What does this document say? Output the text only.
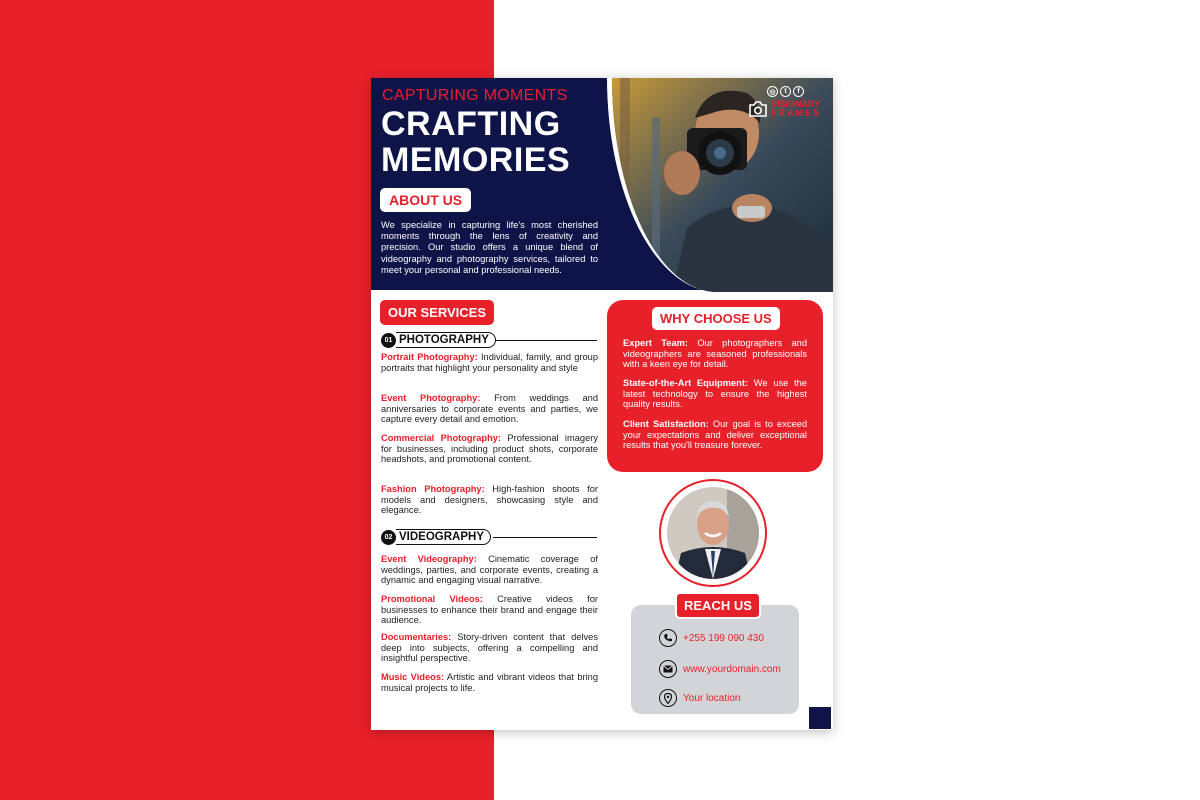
CAPTURING MOMENTS
CRAFTING
MEMORIES
◎	t	f
VISIONARY
FRAMES
ABOUT US
We specialize in capturing life's most cherished moments through the lens of creativity and precision. Our studio offers a unique blend of videography and photography services, tailored to meet your personal and professional needs.
OUR SERVICES
01 PHOTOGRAPHY
Portrait Photography: Individual, family, and group portraits that highlight your personality and style
Event Photography: From weddings and anniversaries to corporate events and parties, we capture every detail and emotion.
Commercial Photography: Professional imagery for businesses, including product shots, corporate headshots, and promotional content.
Fashion Photography: High-fashion shoots for models and designers, showcasing style and elegance.
02 VIDEOGRAPHY
Event Videography: Cinematic coverage of weddings, parties, and corporate events, creating a dynamic and engaging visual narrative.
Promotional Videos: Creative videos for businesses to enhance their brand and engage their audience.
Documentaries: Story-driven content that delves deep into subjects, offering a compelling and insightful perspective.
Music Videos: Artistic and vibrant videos that bring musical projects to life.
WHY CHOOSE US
Expert Team: Our photographers and videographers are seasoned professionals with a keen eye for detail.
State-of-the-Art Equipment: We use the latest technology to ensure the highest quality results.
Client Satisfaction: Our goal is to exceed your expectations and deliver exceptional results that you'll treasure forever.
REACH US
+255 199 090 430
www.yourdomain.com
Your location
